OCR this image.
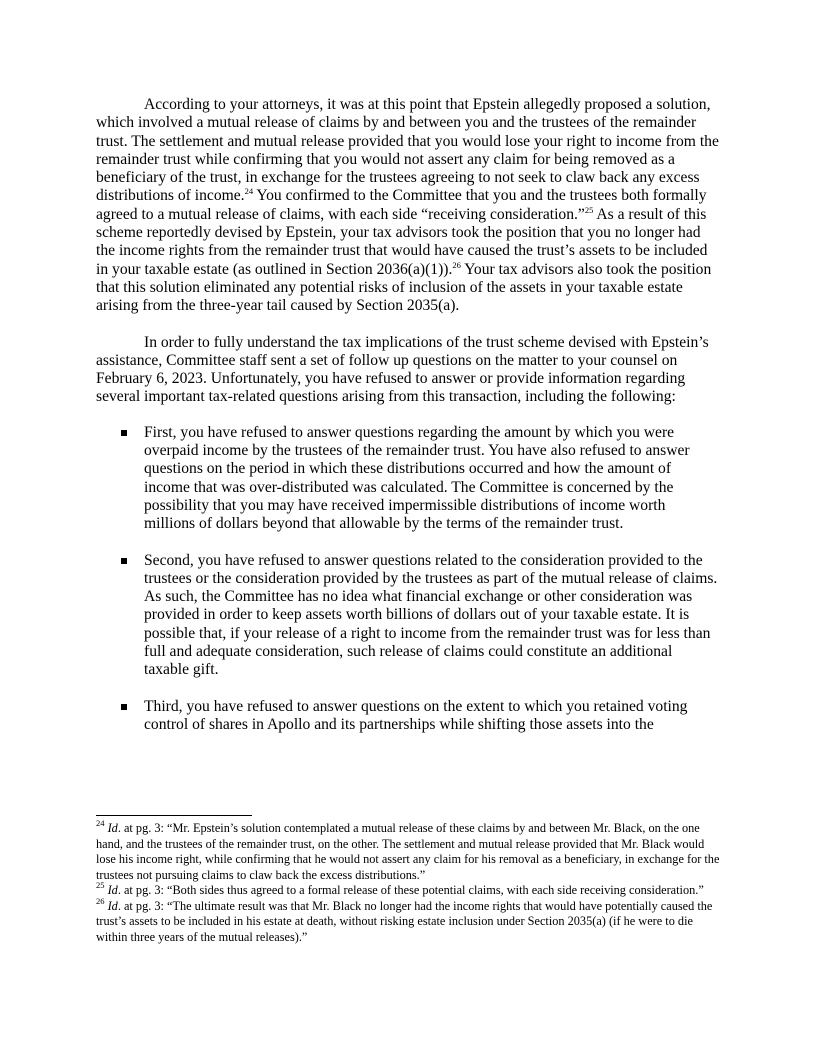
According to your attorneys, it was at this point that Epstein allegedly proposed a solution, which involved a mutual release of claims by and between you and the trustees of the remainder trust. The settlement and mutual release provided that you would lose your right to income from the remainder trust while confirming that you would not assert any claim for being removed as a beneficiary of the trust, in exchange for the trustees agreeing to not seek to claw back any excess distributions of income.$^{24}$ You confirmed to the Committee that you and the trustees both formally agreed to a mutual release of claims, with each side “receiving consideration.”$^{25}$ As a result of this scheme reportedly devised by Epstein, your tax advisors took the position that you no longer had the income rights from the remainder trust that would have caused the trust’s assets to be included in your taxable estate (as outlined in Section 2036(a)(1)).$^{26}$ Your tax advisors also took the position that this solution eliminated any potential risks of inclusion of the assets in your taxable estate arising from the three-year tail caused by Section 2035(a).

In order to fully understand the tax implications of the trust scheme devised with Epstein’s assistance, Committee staff sent a set of follow up questions on the matter to your counsel on February 6, 2023. Unfortunately, you have refused to answer or provide information regarding several important tax-related questions arising from this transaction, including the following:

First, you have refused to answer questions regarding the amount by which you were overpaid income by the trustees of the remainder trust. You have also refused to answer questions on the period in which these distributions occurred and how the amount of income that was over-distributed was calculated. The Committee is concerned by the possibility that you may have received impermissible distributions of income worth millions of dollars beyond that allowable by the terms of the remainder trust.
Second, you have refused to answer questions related to the consideration provided to the trustees or the consideration provided by the trustees as part of the mutual release of claims. As such, the Committee has no idea what financial exchange or other consideration was provided in order to keep assets worth billions of dollars out of your taxable estate. It is possible that, if your release of a right to income from the remainder trust was for less than full and adequate consideration, such release of claims could constitute an additional taxable gift.
Third, you have refused to answer questions on the extent to which you retained voting control of shares in Apollo and its partnerships while shifting those assets into the

$^{24}$ Id. at pg. 3: “Mr. Epstein’s solution contemplated a mutual release of these claims by and between Mr. Black, on the one hand, and the trustees of the remainder trust, on the other. The settlement and mutual release provided that Mr. Black would lose his income right, while confirming that he would not assert any claim for his removal as a beneficiary, in exchange for the trustees not pursuing claims to claw back the excess distributions.”

$^{25}$ Id. at pg. 3: “Both sides thus agreed to a formal release of these potential claims, with each side receiving consideration.”

$^{26}$ Id. at pg. 3: “The ultimate result was that Mr. Black no longer had the income rights that would have potentially caused the trust’s assets to be included in his estate at death, without risking estate inclusion under Section 2035(a) (if he were to die within three years of the mutual releases).”
